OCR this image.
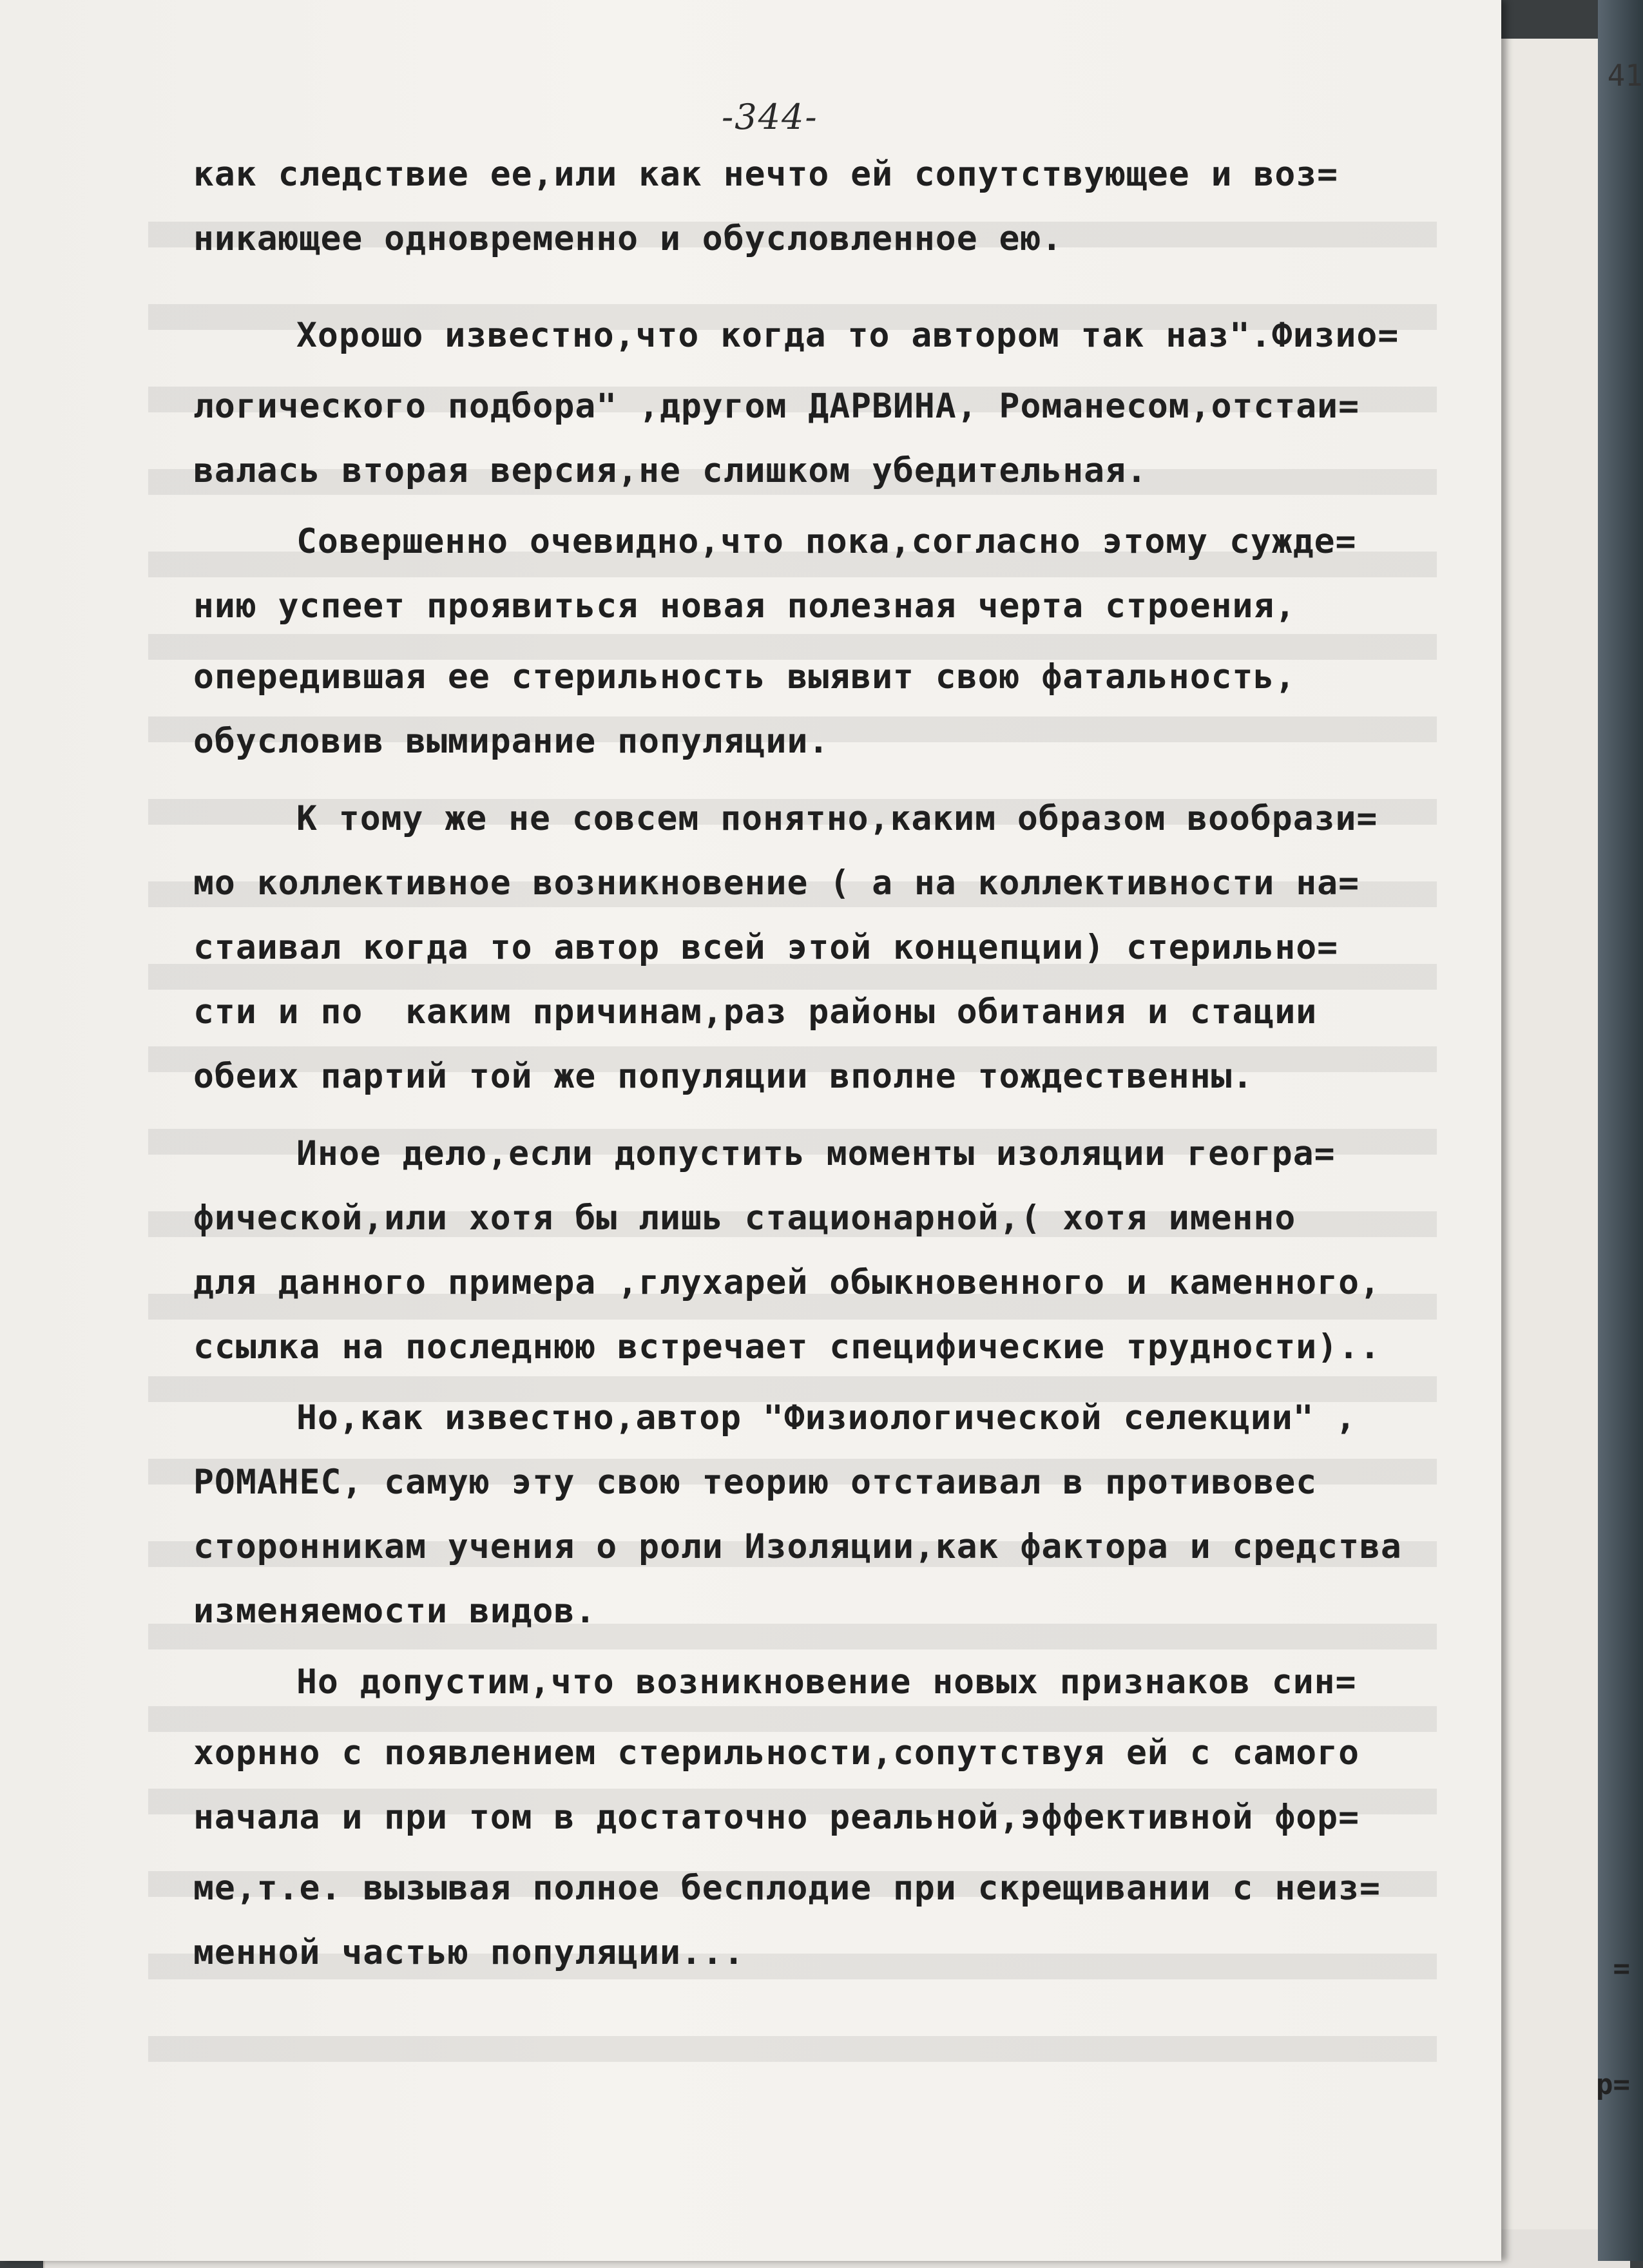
=
р=
41
-344-
как следствие ее,или как нечто ей сопутствующее и воз=
никающее одновременно и обусловленное ею.
Хорошо известно,что когда то автором так наз".Физио=
логического подбора" ,другом ДАРВИНА, Романесом,отстаи=
валась вторая версия,не слишком убедительная.
Совершенно очевидно,что пока,согласно этому сужде=
нию успеет проявиться новая полезная черта строения,
опередившая ее стерильность выявит свою фатальность,
обусловив вымирание популяции.
К тому же не совсем понятно,каким образом вообрази=
мо коллективное возникновение ( а на коллективности на=
стаивал когда то автор всей этой концепции) стерильно=
сти и по  каким причинам,раз районы обитания и стации
обеих партий той же популяции вполне тождественны.
Иное дело,если допустить моменты изоляции геогра=
фической,или хотя бы лишь стационарной,( хотя именно
для данного примера ,глухарей обыкновенного и каменного,
ссылка на последнюю встречает специфические трудности)..
Но,как известно,автор "Физиологической селекции" ,
РОМАНЕС, самую эту свою теорию отстаивал в противовес
сторонникам учения о роли Изоляции,как фактора и средства
изменяемости видов.
Но допустим,что возникновение новых признаков син=
хорнно с появлением стерильности,сопутствуя ей с самого
начала и при том в достаточно реальной,эффективной фор=
ме,т.е. вызывая полное бесплодие при скрещивании с неиз=
менной частью популяции...
